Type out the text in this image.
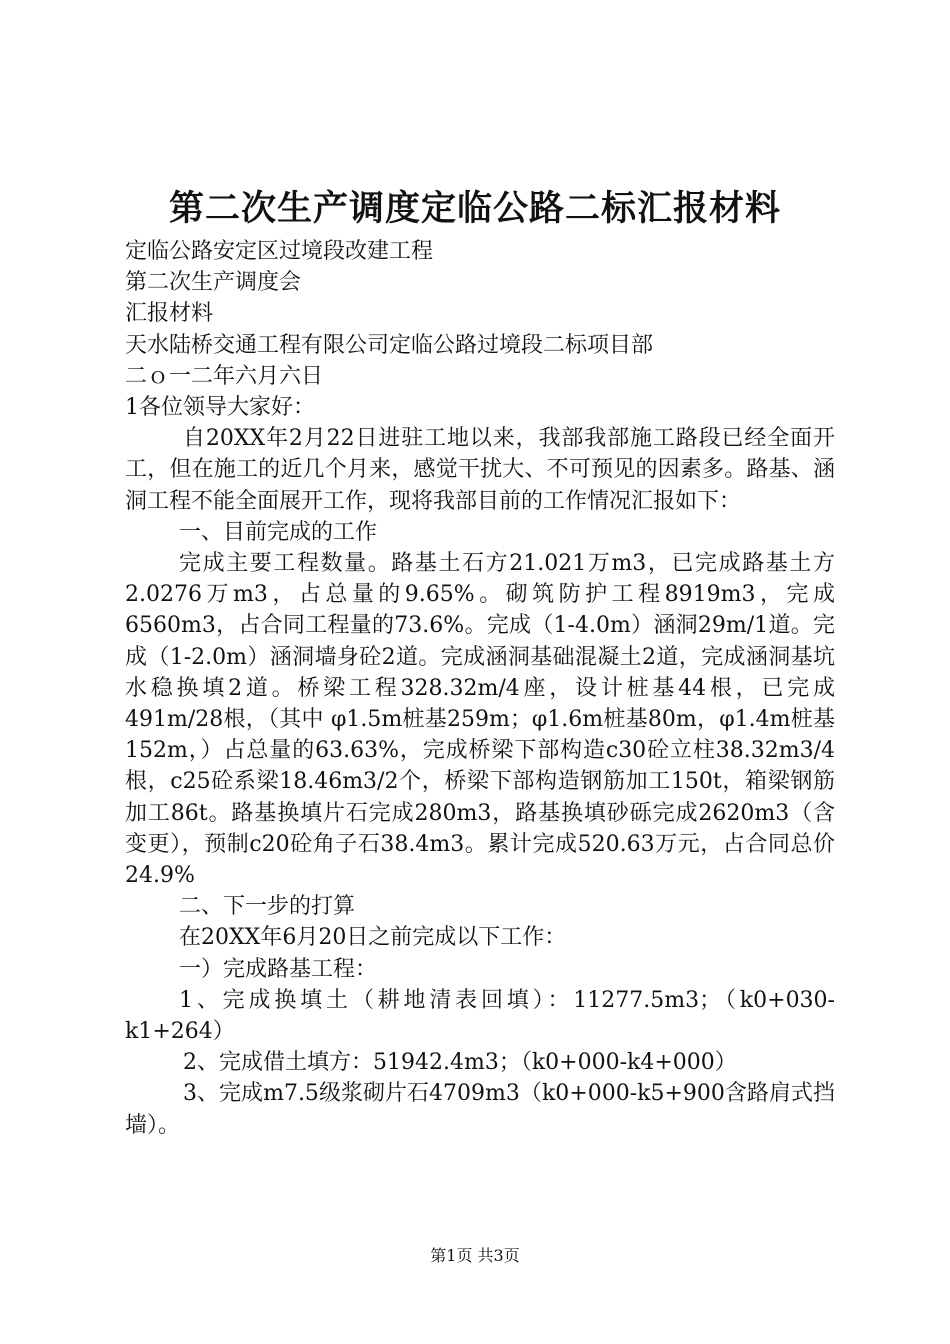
第二次生产调度定临公路二标汇报材料

定临公路安定区过境段改建工程

第二次生产调度会

汇报材料

天水陆桥交通工程有限公司定临公路过境段二标项目部

二ｏ一二年六月六日

1各位领导大家好：

自20XX年2月22日进驻工地以来，我部我部施工路段已经全面开工，但在施工的近几个月来，感觉干扰大、不可预见的因素多。路基、涵洞工程不能全面展开工作，现将我部目前的工作情况汇报如下：

一、目前完成的工作

完成主要工程数量。路基土石方21.021万m3，已完成路基土方2.0276万m3，占总量的9.65%。砌筑防护工程8919m3，完成6560m3，占合同工程量的73.6%。完成（1-4.0m）涵洞29m/1道。完成（1-2.0m）涵洞墙身砼2道。完成涵洞基础混凝土2道，完成涵洞基坑水稳换填2道。桥梁工程328.32m/4座，设计桩基44根，已完成491m/28根，（其中 φ1.5m桩基259m；φ1.6m桩基80m，φ1.4m桩基152m，）占总量的63.63%，完成桥梁下部构造c30砼立柱38.32m3/4根，c25砼系梁18.46m3/2个，桥梁下部构造钢筋加工150t，箱梁钢筋加工86t。路基换填片石完成280m3，路基换填砂砾完成2620m3（含变更），预制c20砼角子石38.4m3。累计完成520.63万元，占合同总价24.9%

二、下一步的打算

在20XX年6月20日之前完成以下工作：

一）完成路基工程：

1、完成换填土（耕地清表回填）：11277.5m3；（k0+030-k1+264）

2、完成借土填方：51942.4m3；（k0+000-k4+000）

3、完成m7.5级浆砌片石4709m3（k0+000-k5+900含路肩式挡墙）。

第1页 共3页
